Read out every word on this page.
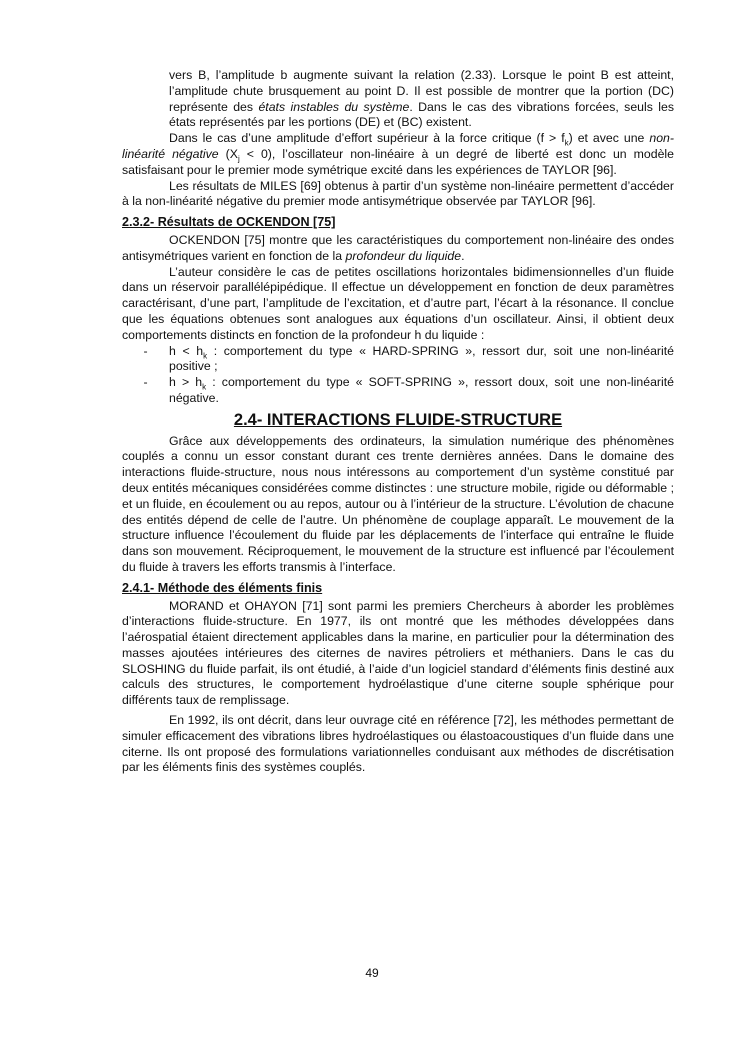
vers B, l’amplitude b augmente suivant la relation (2.33). Lorsque le point B est atteint, l’amplitude chute brusquement au point D. Il est possible de montrer que la portion (DC) représente des états instables du système. Dans le cas des vibrations forcées, seuls les états représentés par les portions (DE) et (BC) existent.

Dans le cas d’une amplitude d’effort supérieur à la force critique $(f > f_k)$ et avec une non-linéarité négative $(X_j < 0)$, l’oscillateur non-linéaire à un degré de liberté est donc un modèle satisfaisant pour le premier mode symétrique excité dans les expériences de TAYLOR [96].

Les résultats de MILES [69] obtenus à partir d’un système non-linéaire permettent d’accéder à la non-linéarité négative du premier mode antisymétrique observée par TAYLOR [96].

2.3.2- Résultats de OCKENDON [75]

OCKENDON [75] montre que les caractéristiques du comportement non-linéaire des ondes antisymétriques varient en fonction de la profondeur du liquide.

L’auteur considère le cas de petites oscillations horizontales bidimensionnelles d’un fluide dans un réservoir parallélépipédique. Il effectue un développement en fonction de deux paramètres caractérisant, d’une part, l’amplitude de l’excitation, et d’autre part, l’écart à la résonance. Il conclue que les équations obtenues sont analogues aux équations d’un oscillateur. Ainsi, il obtient deux comportements distincts en fonction de la profondeur h du liquide :

-	$h < h_k$ : comportement du type « HARD-SPRING », ressort dur, soit une non-linéarité positive ;
-	$h > h_k$ : comportement du type « SOFT-SPRING », ressort doux, soit une non-linéarité négative.
2.4- INTERACTIONS FLUIDE-STRUCTURE

Grâce aux développements des ordinateurs, la simulation numérique des phénomènes couplés a connu un essor constant durant ces trente dernières années. Dans le domaine des interactions fluide-structure, nous nous intéressons au comportement d’un système constitué par deux entités mécaniques considérées comme distinctes : une structure mobile, rigide ou déformable ; et un fluide, en écoulement ou au repos, autour ou à l’intérieur de la structure. L’évolution de chacune des entités dépend de celle de l’autre. Un phénomène de couplage apparaît. Le mouvement de la structure influence l’écoulement du fluide par les déplacements de l’interface qui entraîne le fluide dans son mouvement. Réciproquement, le mouvement de la structure est influencé par l’écoulement du fluide à travers les efforts transmis à l’interface.

2.4.1- Méthode des éléments finis

MORAND et OHAYON [71] sont parmi les premiers Chercheurs à aborder les problèmes d’interactions fluide-structure. En 1977, ils ont montré que les méthodes développées dans l’aérospatial étaient directement applicables dans la marine, en particulier pour la détermination des masses ajoutées intérieures des citernes de navires pétroliers et méthaniers. Dans le cas du SLOSHING du fluide parfait, ils ont étudié, à l’aide d’un logiciel standard d’éléments finis destiné aux calculs des structures, le comportement hydroélastique d’une citerne souple sphérique pour différents taux de remplissage.

En 1992, ils ont décrit, dans leur ouvrage cité en référence [72], les méthodes permettant de simuler efficacement des vibrations libres hydroélastiques ou élastoacoustiques d’un fluide dans une citerne. Ils ont proposé des formulations variationnelles conduisant aux méthodes de discrétisation par les éléments finis des systèmes couplés.

49
